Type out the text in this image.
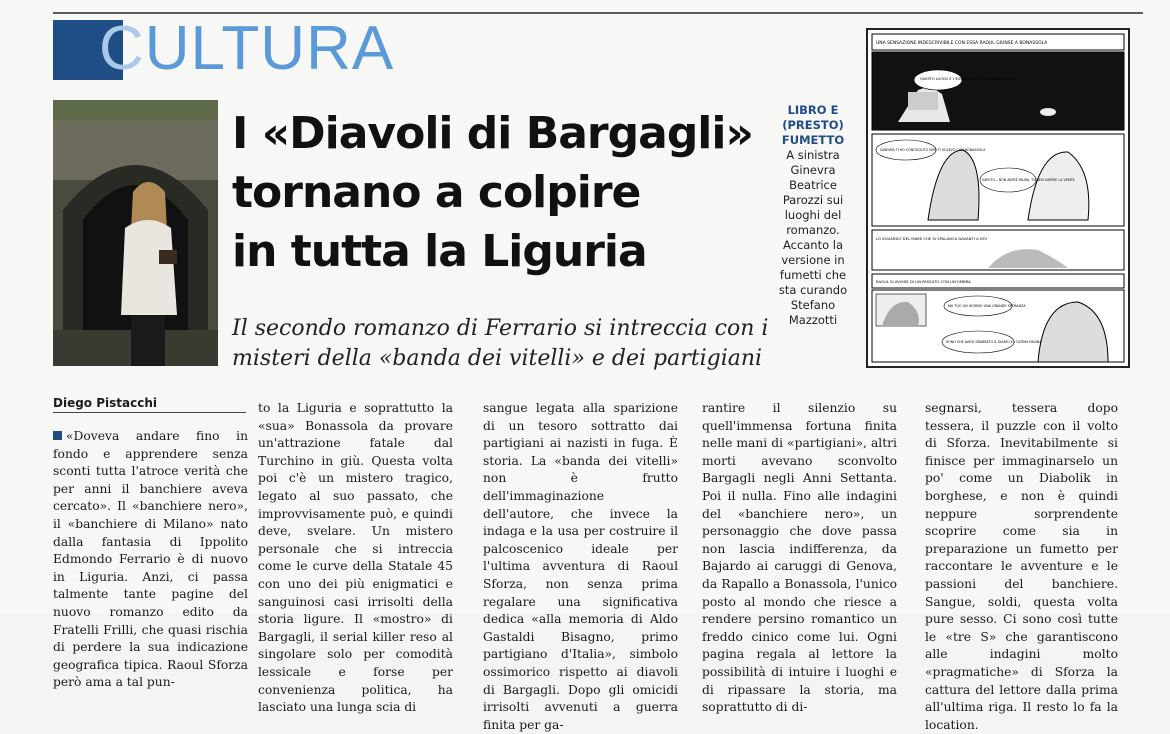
CULTURA
I «Diavoli di Bargagli»
tornano a colpire
in tutta la Liguria
Il secondo romanzo di Ferrario si intreccia con i misteri della «banda dei vitelli» e dei partigiani
LIBRO E (PRESTO) FUMETTO
A sinistra Ginevra Beatrice Parozzi sui luoghi del romanzo. Accanto la versione in fumetti che sta curando Stefano Mazzotti
UNA SENSAZIONE INDESCRIVIBILE CON ESSA RAOUL GIUNSE A BONASSOLA
QUESTO LUOGO È L'ESSENZA STESSA DI BONASSOLA
GINEVRA TI HO CONOSCIUTO NON TI VOLEVO CON BONASSOLA
SAPUTO... NON AVERE PAURA, TU DEVI SAPERE LA VERITÀ
LO SGUARDO DEL MARE CHE SI SPALANCA DAVANTI A NOI
RAOUL SI AVVIDE DI UN PASSATO CON UN'OMBRA
MA TUO UN GIORNO UNA GRANDE SPERANZA
SONO CHE AVEVI SBARRATO IL DIARIO E L'ULTIMA PAGINA
Diego Pistacchi
«Doveva andare fino in fondo e apprendere senza sconti tutta l'atroce verità che per anni il banchiere aveva cercato». Il «banchiere nero», il «banchiere di Milano» nato dalla fantasia di Ippolito Edmondo Ferrario è di nuovo in Liguria. Anzi, ci passa talmente tante pagine del nuovo romanzo edito da Fratelli Frilli, che quasi rischia di perdere la sua indicazione geografica tipica. Raoul Sforza però ama a tal pun-
to la Liguria e soprattutto la «sua» Bonassola da provare un'attrazione fatale dal Turchino in giù. Questa volta poi c'è un mistero tragico, legato al suo passato, che improvvisamente può, e quindi deve, svelare. Un mistero personale che si intreccia come le curve della Statale 45 con uno dei più enigmatici e sanguinosi casi irrisolti della storia ligure. Il «mostro» di Bargagli, il serial killer reso al singolare solo per comodità lessicale e forse per convenienza politica, ha lasciato una lunga scia di
sangue legata alla sparizione di un tesoro sottratto dai partigiani ai nazisti in fuga. È storia. La «banda dei vitelli» non è frutto dell'immaginazione dell'autore, che invece la indaga e la usa per costruire il palcoscenico ideale per l'ultima avventura di Raoul Sforza, non senza prima regalare una significativa dedica «alla memoria di Aldo Gastaldi Bisagno, primo partigiano d'Italia», simbolo ossimorico rispetto ai diavoli di Bargagli. Dopo gli omicidi irrisolti avvenuti a guerra finita per ga-
rantire il silenzio su quell'immensa fortuna finita nelle mani di «partigiani», altri morti avevano sconvolto Bargagli negli Anni Settanta. Poi il nulla. Fino alle indagini del «banchiere nero», un personaggio che dove passa non lascia indifferenza, da Bajardo ai caruggi di Genova, da Rapallo a Bonassola, l'unico posto al mondo che riesce a rendere persino romantico un freddo cinico come lui. Ogni pagina regala al lettore la possibilità di intuire i luoghi e di ripassare la storia, ma soprattutto di di-
segnarsi, tessera dopo tessera, il puzzle con il volto di Sforza. Inevitabilmente si finisce per immaginarselo un po' come un Diabolik in borghese, e non è quindi neppure sorprendente scoprire come sia in preparazione un fumetto per raccontare le avventure e le passioni del banchiere. Sangue, soldi, questa volta pure sesso. Ci sono così tutte le «tre S» che garantiscono alle indagini molto «pragmatiche» di Sforza la cattura del lettore dalla prima all'ultima riga. Il resto lo fa la location.
